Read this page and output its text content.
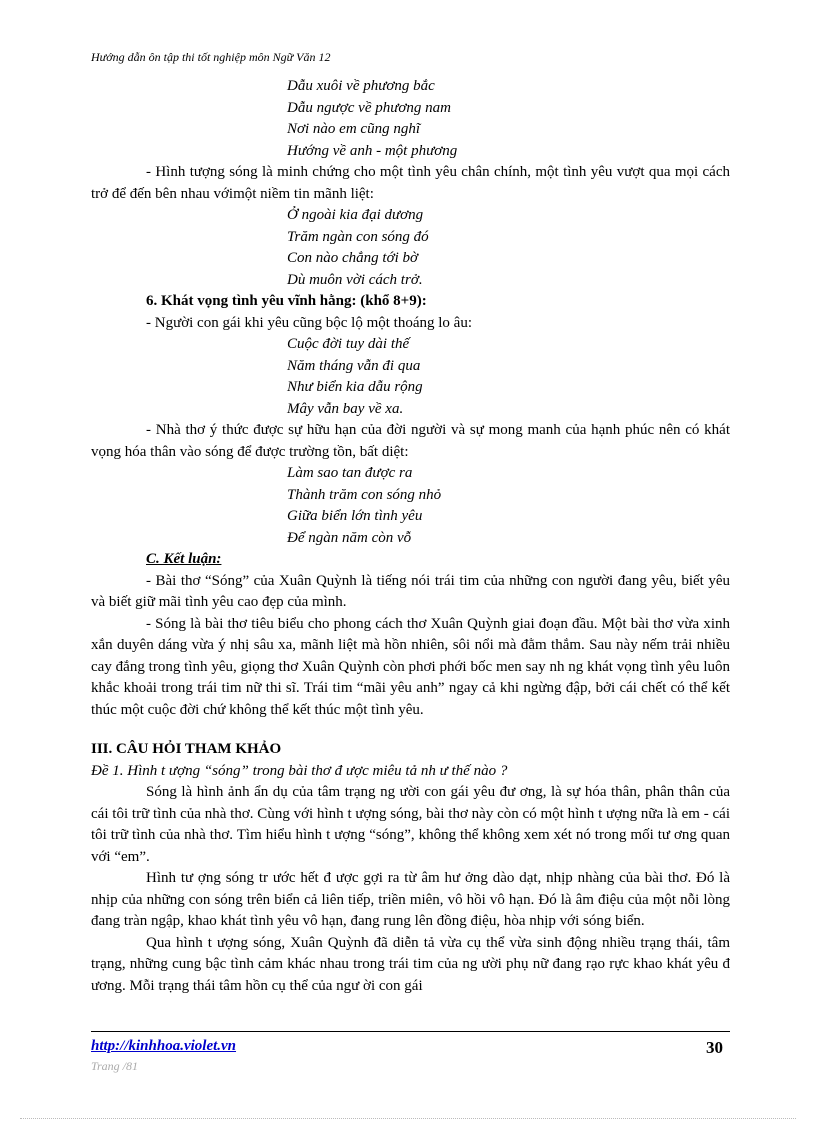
Hướng dẫn ôn tập thi tốt nghiệp môn Ngữ Văn 12

Dẫu xuôi về phương bắc

Dẫu ngược về phương nam

Nơi nào em cũng nghĩ

Hướng về anh - một phương

- Hình tượng sóng là minh chứng cho một tình yêu chân chính, một tình yêu vượt qua mọi cách trở để đến bên nhau vớimột niềm tin mãnh liệt:

Ở ngoài kia đại dương

Trăm ngàn con sóng đó

Con nào chẳng tới bờ

Dù muôn vời cách trở.

6. Khát vọng tình yêu vĩnh hằng: (khổ 8+9):

- Người con gái khi yêu cũng bộc lộ một thoáng lo âu:

Cuộc đời tuy dài thế

Năm tháng vẫn đi qua

Như biển kia dẫu rộng

Mây vẫn bay về xa.

- Nhà thơ ý thức được sự hữu hạn của đời người và sự mong manh của hạnh phúc nên có khát vọng hóa thân vào sóng để được trường tồn, bất diệt:

Làm sao tan được ra

Thành trăm con sóng nhỏ

Giữa biển lớn tình yêu

Để ngàn năm còn vỗ

C. Kết luận:

- Bài thơ “Sóng” của Xuân Quỳnh là tiếng nói trái tim của những con người đang yêu, biết yêu và biết giữ mãi tình yêu cao đẹp của mình.

- Sóng là bài thơ tiêu biểu cho phong cách thơ Xuân Quỳnh giai đoạn đầu. Một bài thơ vừa xinh xắn duyên dáng vừa ý nhị sâu xa, mãnh liệt mà hồn nhiên, sôi nổi mà đằm thắm. Sau này nếm trải nhiều cay đắng trong tình yêu, giọng thơ Xuân Quỳnh còn phơi phới bốc men say nh ng khát vọng tình yêu luôn khắc khoải trong trái tim nữ thi sĩ. Trái tim “mãi yêu anh” ngay cả khi ngừng đập, bởi cái chết có thể kết thúc một cuộc đời chứ không thể kết thúc một tình yêu.

III. CÂU HỎI THAM KHẢO

Đề 1. Hình t ượng “sóng” trong bài thơ đ ược miêu tả nh ư thế nào ?

Sóng là hình ảnh ẩn dụ của tâm trạng ng ười con gái yêu đư ơng, là sự hóa thân, phân thân của cái tôi trữ tình của nhà thơ. Cùng với hình t ượng sóng, bài thơ này còn có một hình t ượng nữa là em - cái tôi trữ tình của nhà thơ. Tìm hiểu hình t ượng “sóng”, không thể không xem xét nó trong mối tư ơng quan với “em”.

Hình tư ợng sóng tr ước hết đ ược gợi ra từ âm hư ởng dào dạt, nhịp nhàng của bài thơ. Đó là nhịp của những con sóng trên biển cả liên tiếp, triền miên, vô hồi vô hạn. Đó là âm điệu của một nỗi lòng đang tràn ngập, khao khát tình yêu vô hạn, đang rung lên đồng điệu, hòa nhịp với sóng biển.

Qua hình t ượng sóng, Xuân Quỳnh đã diễn tả vừa cụ thể vừa sinh động nhiều trạng thái, tâm trạng, những cung bậc tình cảm khác nhau trong trái tim của ng ười phụ nữ đang rạo rực khao khát yêu đ ương. Mỗi trạng thái tâm hồn cụ thể của ngư ời con gái

http://kinhhoa.violet.vn	30
Trang /81
